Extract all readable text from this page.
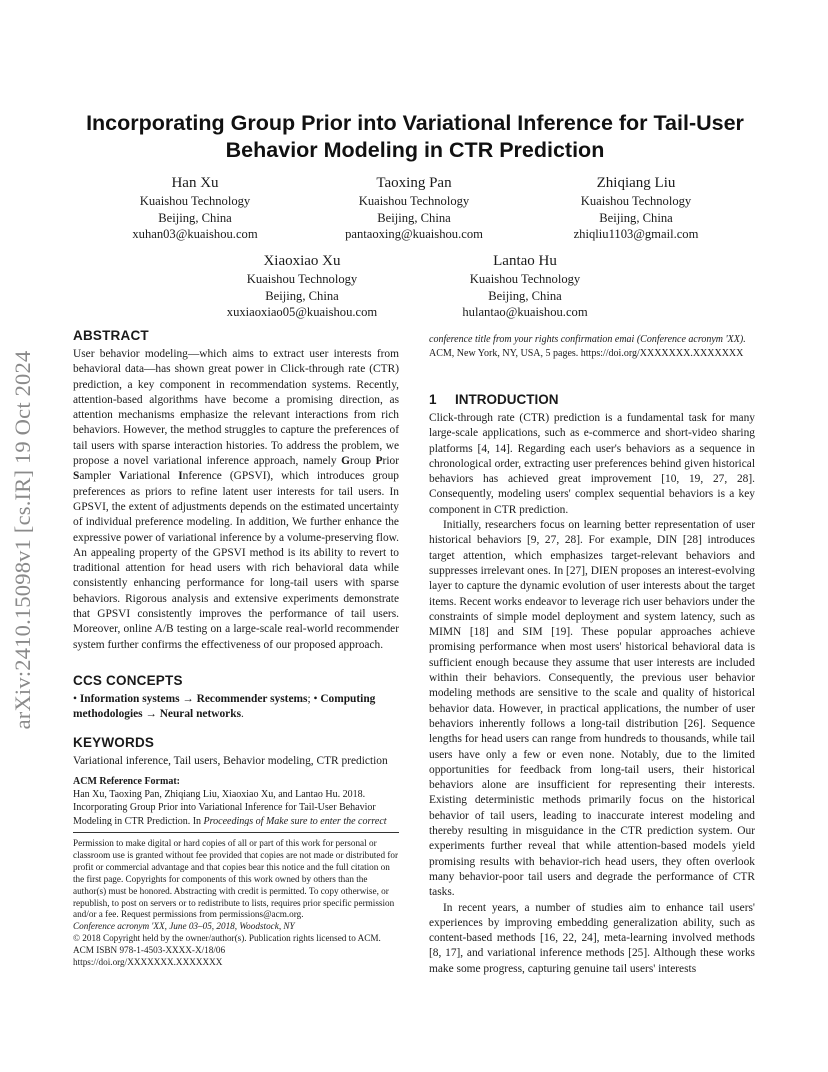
arXiv:2410.15098v1 [cs.IR] 19 Oct 2024
Incorporating Group Prior into Variational Inference for Tail-User
Behavior Modeling in CTR Prediction
Han Xu
Kuaishou Technology
Beijing, China
xuhan03@kuaishou.com
Taoxing Pan
Kuaishou Technology
Beijing, China
pantaoxing@kuaishou.com
Zhiqiang Liu
Kuaishou Technology
Beijing, China
zhiqliu1103@gmail.com
Xiaoxiao Xu
Kuaishou Technology
Beijing, China
xuxiaoxiao05@kuaishou.com
Lantao Hu
Kuaishou Technology
Beijing, China
hulantao@kuaishou.com
ABSTRACT

User behavior modeling—which aims to extract user interests from behavioral data—has shown great power in Click-through rate (CTR) prediction, a key component in recommendation systems. Recently, attention-based algorithms have become a promising direction, as attention mechanisms emphasize the relevant interactions from rich behaviors. However, the method struggles to capture the preferences of tail users with sparse interaction histories. To address the problem, we propose a novel variational inference approach, namely Group Prior Sampler Variational Inference (GPSVI), which introduces group preferences as priors to refine latent user interests for tail users. In GPSVI, the extent of adjustments depends on the estimated uncertainty of individual preference modeling. In addition, We further enhance the expressive power of variational inference by a volume-preserving flow. An appealing property of the GPSVI method is its ability to revert to traditional attention for head users with rich behavioral data while consistently enhancing performance for long-tail users with sparse behaviors. Rigorous analysis and extensive experiments demonstrate that GPSVI consistently improves the performance of tail users. Moreover, online A/B testing on a large-scale real-world recommender system further confirms the effectiveness of our proposed approach.

CCS CONCEPTS

• Information systems → Recommender systems; • Computing methodologies → Neural networks.

KEYWORDS

Variational inference, Tail users, Behavior modeling, CTR prediction

ACM Reference Format:
Han Xu, Taoxing Pan, Zhiqiang Liu, Xiaoxiao Xu, and Lantao Hu. 2018. Incorporating Group Prior into Variational Inference for Tail-User Behavior Modeling in CTR Prediction. In Proceedings of Make sure to enter the correct

Permission to make digital or hard copies of all or part of this work for personal or classroom use is granted without fee provided that copies are not made or distributed for profit or commercial advantage and that copies bear this notice and the full citation on the first page. Copyrights for components of this work owned by others than the author(s) must be honored. Abstracting with credit is permitted. To copy otherwise, or republish, to post on servers or to redistribute to lists, requires prior specific permission and/or a fee. Request permissions from permissions@acm.org.

Conference acronym 'XX, June 03–05, 2018, Woodstock, NY

© 2018 Copyright held by the owner/author(s). Publication rights licensed to ACM.

ACM ISBN 978-1-4503-XXXX-X/18/06

https://doi.org/XXXXXXX.XXXXXXX

conference title from your rights confirmation emai (Conference acronym 'XX).
ACM, New York, NY, USA, 5 pages. https://doi.org/XXXXXXX.XXXXXXX
1 INTRODUCTION

Click-through rate (CTR) prediction is a fundamental task for many large-scale applications, such as e-commerce and short-video sharing platforms [4, 14]. Regarding each user's behaviors as a sequence in chronological order, extracting user preferences behind given historical behaviors has achieved great improvement [10, 19, 27, 28]. Consequently, modeling users' complex sequential behaviors is a key component in CTR prediction.

Initially, researchers focus on learning better representation of user historical behaviors [9, 27, 28]. For example, DIN [28] introduces target attention, which emphasizes target-relevant behaviors and suppresses irrelevant ones. In [27], DIEN proposes an interest-evolving layer to capture the dynamic evolution of user interests about the target items. Recent works endeavor to leverage rich user behaviors under the constraints of simple model deployment and system latency, such as MIMN [18] and SIM [19]. These popular approaches achieve promising performance when most users' historical behavioral data is sufficient enough because they assume that user interests are included within their behaviors. Consequently, the previous user behavior modeling methods are sensitive to the scale and quality of historical behavior data. However, in practical applications, the number of user behaviors inherently follows a long-tail distribution [26]. Sequence lengths for head users can range from hundreds to thousands, while tail users have only a few or even none. Notably, due to the limited opportunities for feedback from long-tail users, their historical behaviors alone are insufficient for representing their interests. Existing deterministic methods primarily focus on the historical behavior of tail users, leading to inaccurate interest modeling and thereby resulting in misguidance in the CTR prediction system. Our experiments further reveal that while attention-based models yield promising results with behavior-rich head users, they often overlook many behavior-poor tail users and degrade the performance of CTR tasks.

In recent years, a number of studies aim to enhance tail users' experiences by improving embedding generalization ability, such as content-based methods [16, 22, 24], meta-learning involved methods [8, 17], and variational inference methods [25]. Although these works make some progress, capturing genuine tail users' interests
